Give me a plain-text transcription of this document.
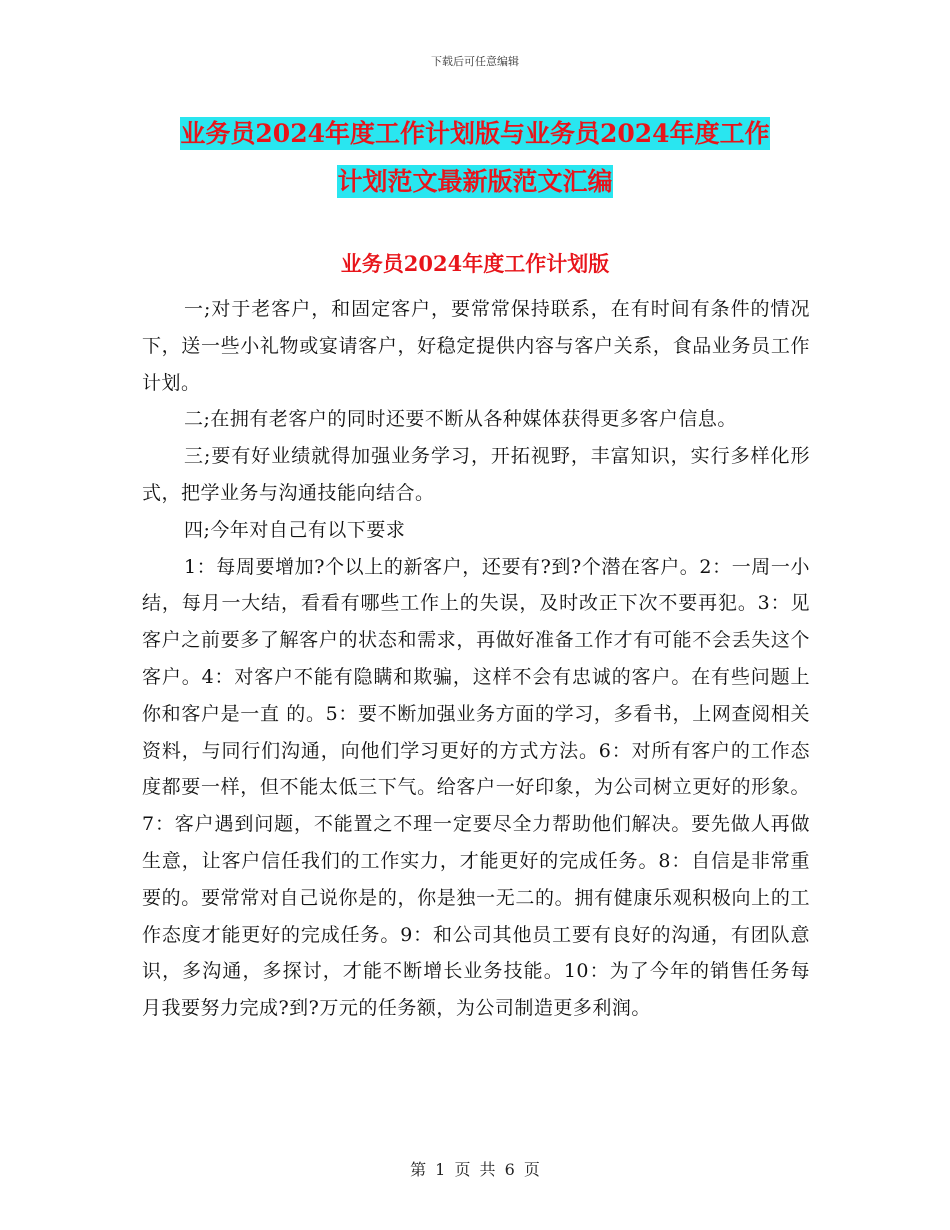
下载后可任意编辑
业务员2024年度工作计划版与业务员2024年度工作
计划范文最新版范文汇编
业务员2024年度工作计划版

一;对于老客户，和固定客户，要常常保持联系，在有时间有条件的情况下，送一些小礼物或宴请客户，好稳定提供内容与客户关系，食品业务员工作计划。

二;在拥有老客户的同时还要不断从各种媒体获得更多客户信息。

三;要有好业绩就得加强业务学习，开拓视野，丰富知识，实行多样化形式，把学业务与沟通技能向结合。

四;今年对自己有以下要求

1：每周要增加?个以上的新客户，还要有?到?个潜在客户。2：一周一小结，每月一大结，看看有哪些工作上的失误，及时改正下次不要再犯。3：见客户之前要多了解客户的状态和需求，再做好准备工作才有可能不会丢失这个客户。4：对客户不能有隐瞒和欺骗，这样不会有忠诚的客户。在有些问题上你和客户是一直 的。5：要不断加强业务方面的学习，多看书，上网查阅相关资料，与同行们沟通，向他们学习更好的方式方法。6：对所有客户的工作态度都要一样，但不能太低三下气。给客户一好印象，为公司树立更好的形象。7：客户遇到问题，不能置之不理一定要尽全力帮助他们解决。要先做人再做生意，让客户信任我们的工作实力，才能更好的完成任务。8：自信是非常重要的。要常常对自己说你是的，你是独一无二的。拥有健康乐观积极向上的工作态度才能更好的完成任务。9：和公司其他员工要有良好的沟通，有团队意识，多沟通，多探讨，才能不断增长业务技能。10：为了今年的销售任务每月我要努力完成?到?万元的任务额，为公司制造更多利润。

第 1 页 共 6 页
